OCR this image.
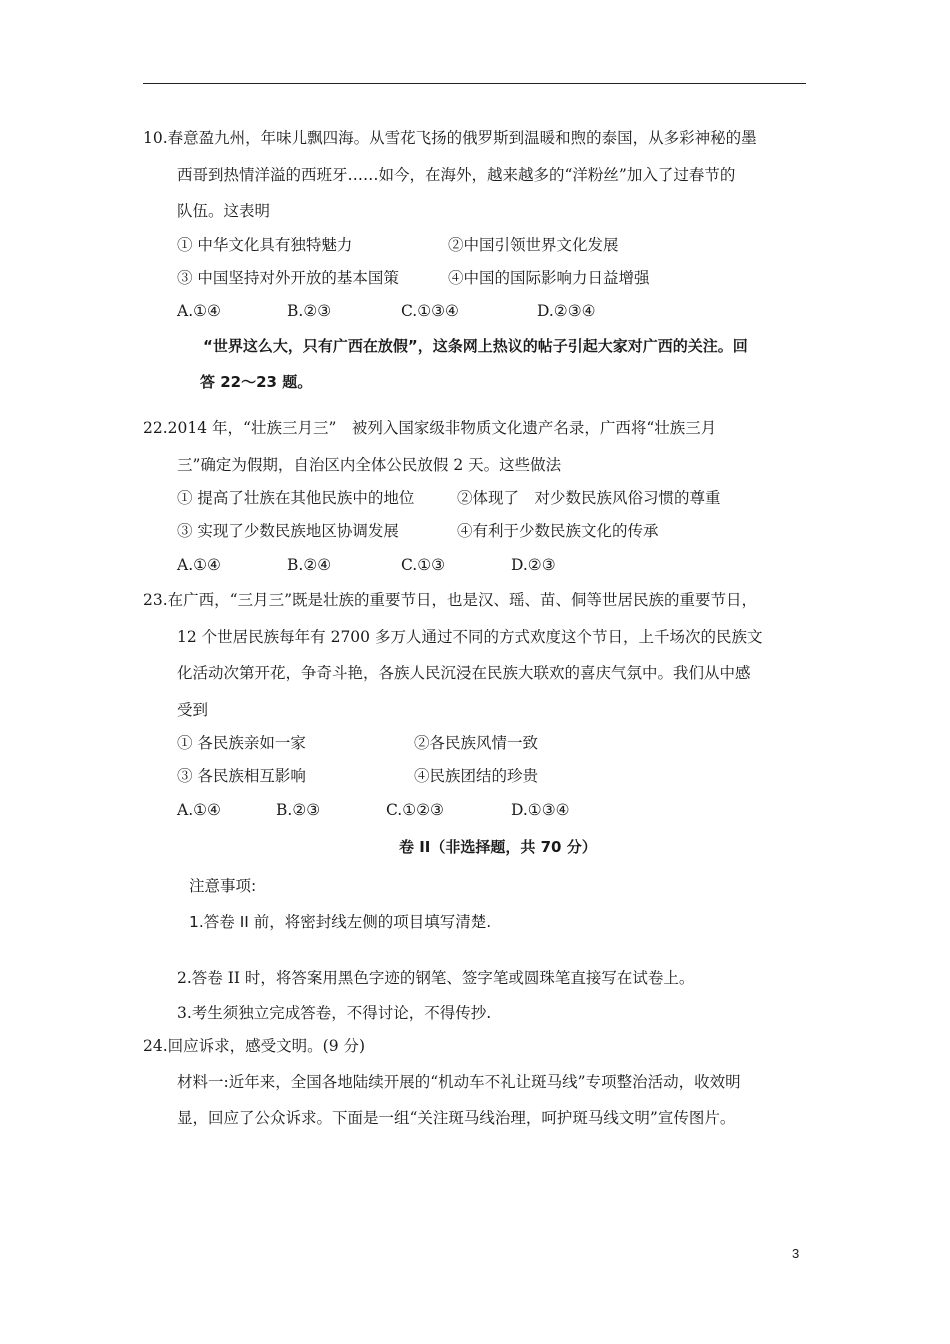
10.春意盈九州，年味儿飘四海。从雪花飞扬的俄罗斯到温暖和煦的泰国，从多彩神秘的墨
西哥到热情洋溢的西班牙……如今，在海外，越来越多的“洋粉丝”加入了过春节的
队伍。这表明
① 中华文化具有独特魅力	②中国引领世界文化发展
③ 中国坚持对外开放的基本国策	④中国的国际影响力日益增强
A.①④	B.②③	C.①③④	D.②③④
“世界这么大，只有广西在放假”，这条网上热议的帖子引起大家对广西的关注。回
答 22～23 题。
22.2014 年，“壮族三月三”　被列入国家级非物质文化遗产名录，广西将“壮族三月
三”确定为假期，自治区内全体公民放假 2 天。这些做法
① 提高了壮族在其他民族中的地位	②体现了　对少数民族风俗习惯的尊重
③ 实现了少数民族地区协调发展	④有利于少数民族文化的传承
A.①④	B.②④	C.①③	D.②③
23.在广西，“三月三”既是壮族的重要节日，也是汉、瑶、苗、侗等世居民族的重要节日，
12 个世居民族每年有 2700 多万人通过不同的方式欢度这个节日，上千场次的民族文
化活动次第开花，争奇斗艳，各族人民沉浸在民族大联欢的喜庆气氛中。我们从中感
受到
① 各民族亲如一家	②各民族风情一致
③ 各民族相互影响	④民族团结的珍贵
A.①④	B.②③	C.①②③	D.①③④
卷 II（非选择题，共 70 分）
注意事项:
1.答卷 II 前，将密封线左侧的项目填写清楚.
2.答卷 II 时，将答案用黑色字迹的钢笔、签字笔或圆珠笔直接写在试卷上。
3.考生须独立完成答卷，不得讨论，不得传抄.
24.回应诉求，感受文明。(9 分)
材料一:近年来，全国各地陆续开展的“机动车不礼让斑马线”专项整治活动，收效明
显，回应了公众诉求。下面是一组“关注斑马线治理，呵护斑马线文明”宣传图片。
3
